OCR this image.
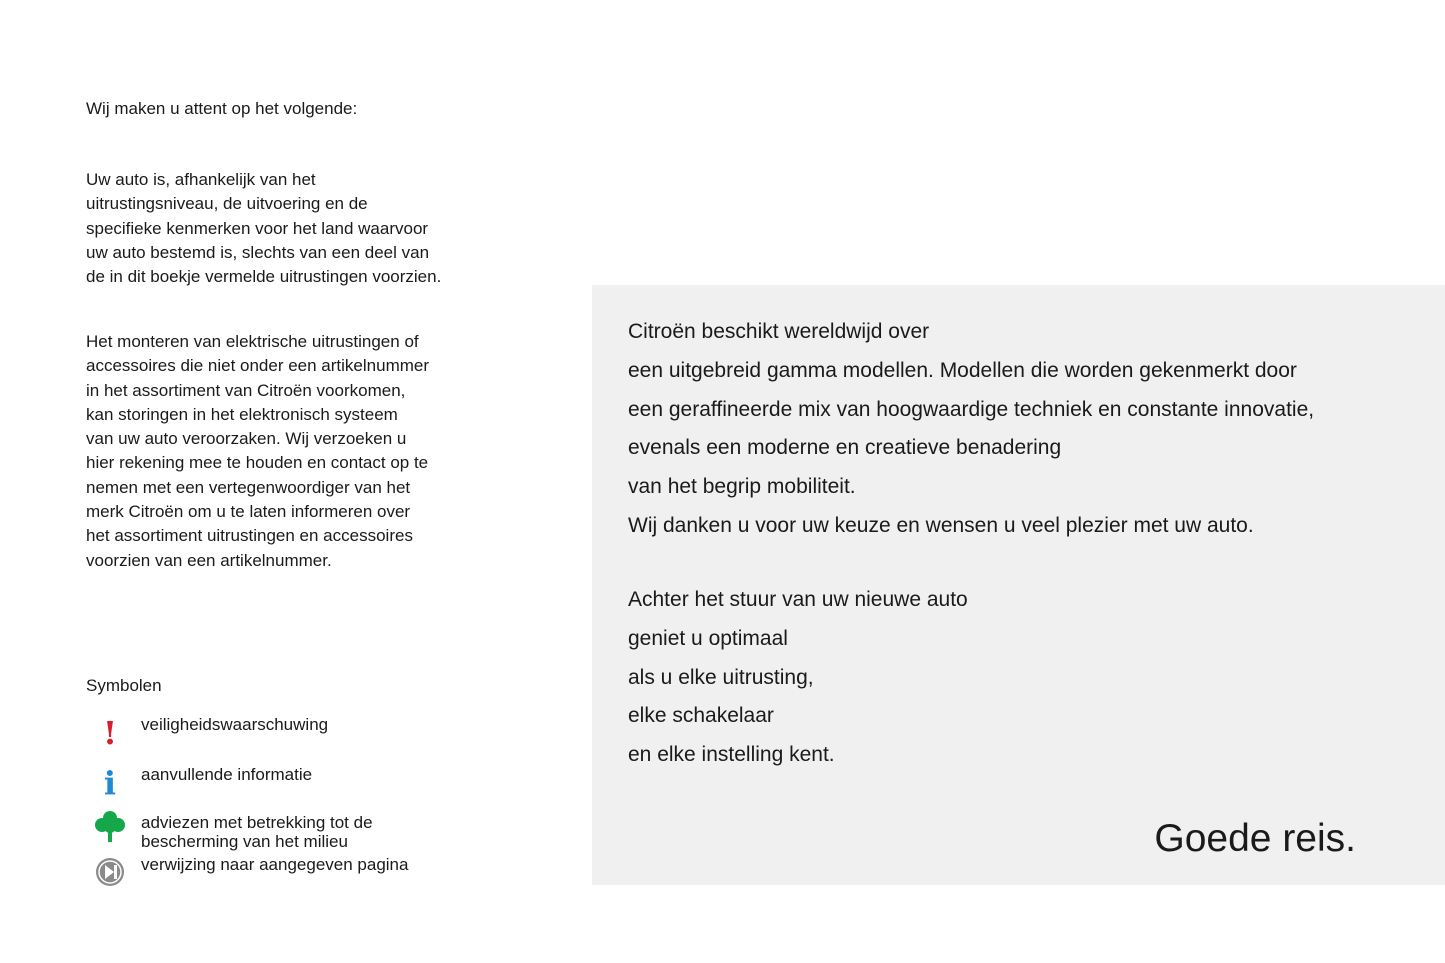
Wij maken u attent op het volgende:
Uw auto is, afhankelijk van het
uitrustingsniveau, de uitvoering en de
specifieke kenmerken voor het land waarvoor
uw auto bestemd is, slechts van een deel van
de in dit boekje vermelde uitrustingen voorzien.
Het monteren van elektrische uitrustingen of
accessoires die niet onder een artikelnummer
in het assortiment van Citroën voorkomen,
kan storingen in het elektronisch systeem
van uw auto veroorzaken. Wij verzoeken u
hier rekening mee te houden en contact op te
nemen met een vertegenwoordiger van het
merk Citroën om u te laten informeren over
het assortiment uitrustingen en accessoires
voorzien van een artikelnummer.
Symbolen
! veiligheidswaarschuwing
i aanvullende informatie
adviezen met betrekking tot de
bescherming van het milieu
verwijzing naar aangegeven pagina
Citroën beschikt wereldwijd over
een uitgebreid gamma modellen. Modellen die worden gekenmerkt door
een geraffineerde mix van hoogwaardige techniek en constante innovatie,
evenals een moderne en creatieve benadering
van het begrip mobiliteit.
Wij danken u voor uw keuze en wensen u veel plezier met uw auto.
Achter het stuur van uw nieuwe auto
geniet u optimaal
als u elke uitrusting,
elke schakelaar
en elke instelling kent.
Goede reis.
